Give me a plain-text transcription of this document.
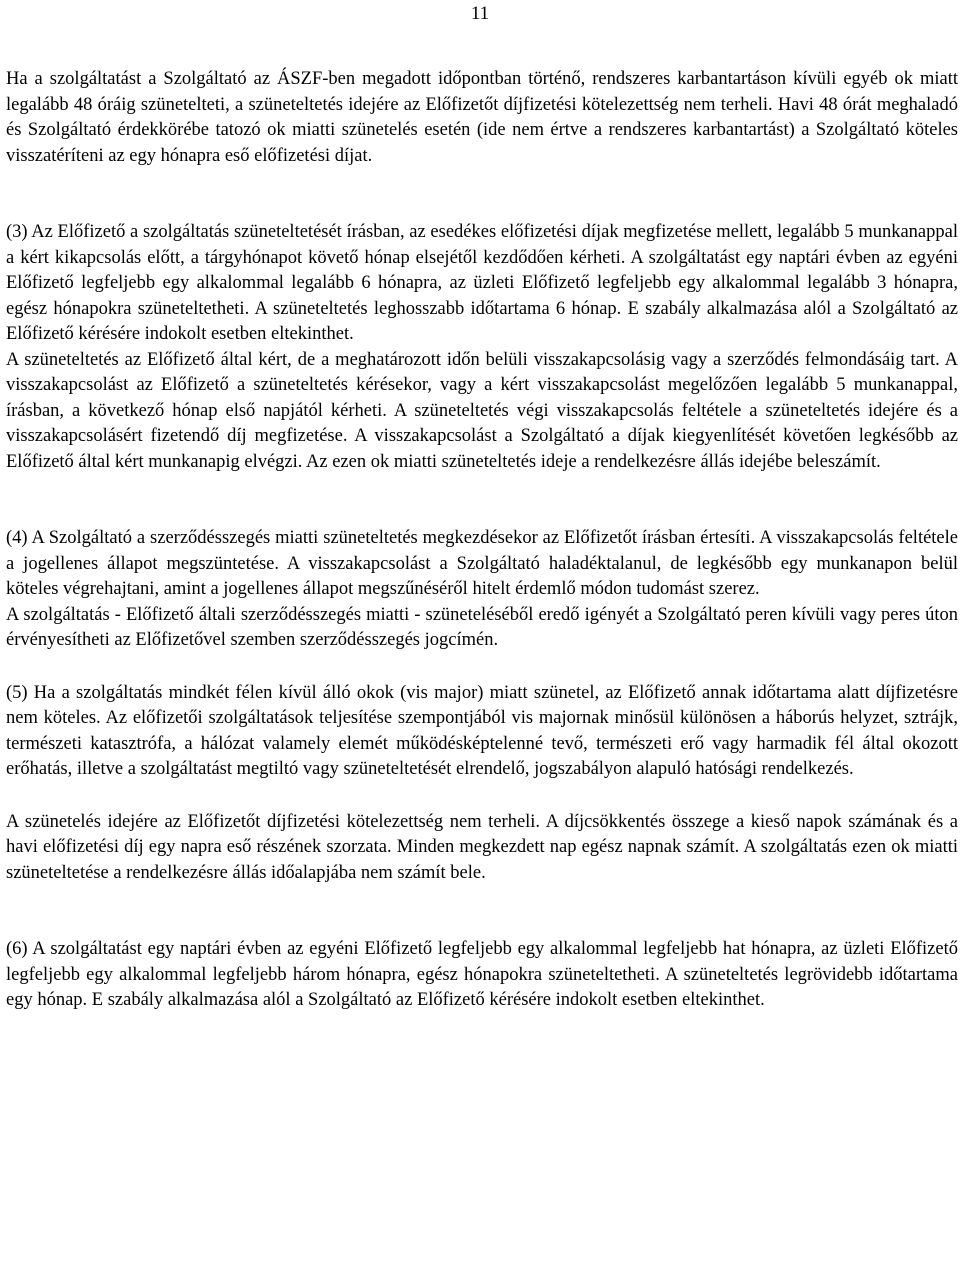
11

Ha a szolgáltatást a Szolgáltató az ÁSZF-ben megadott időpontban történő, rendszeres karbantartáson kívüli egyéb ok miatt legalább 48 óráig szünetelteti, a szüneteltetés idejére az Előfizetőt díjfizetési kötelezettség nem terheli. Havi 48 órát meghaladó és Szolgáltató érdekkörébe tatozó ok miatti szünetelés esetén (ide nem értve a rendszeres karbantartást) a Szolgáltató köteles visszatéríteni az egy hónapra eső előfizetési díjat.

(3) Az Előfizető a szolgáltatás szüneteltetését írásban, az esedékes előfizetési díjak megfizetése mellett, legalább 5 munkanappal a kért kikapcsolás előtt, a tárgyhónapot követő hónap elsejétől kezdődően kérheti. A szolgáltatást egy naptári évben az egyéni Előfizető legfeljebb egy alkalommal legalább 6 hónapra, az üzleti Előfizető legfeljebb egy alkalommal legalább 3 hónapra, egész hónapokra szüneteltetheti. A szüneteltetés leghosszabb időtartama 6 hónap. E szabály alkalmazása alól a Szolgáltató az Előfizető kérésére indokolt esetben eltekinthet.

A szüneteltetés az Előfizető által kért, de a meghatározott időn belüli visszakapcsolásig vagy a szerződés felmondásáig tart. A visszakapcsolást az Előfizető a szüneteltetés kérésekor, vagy a kért visszakapcsolást megelőzően legalább 5 munkanappal, írásban, a következő hónap első napjától kérheti. A szüneteltetés végi visszakapcsolás feltétele a szüneteltetés idejére és a visszakapcsolásért fizetendő díj megfizetése. A visszakapcsolást a Szolgáltató a díjak kiegyenlítését követően legkésőbb az Előfizető által kért munkanapig elvégzi. Az ezen ok miatti szüneteltetés ideje a rendelkezésre állás idejébe beleszámít.

(4) A Szolgáltató a szerződésszegés miatti szüneteltetés megkezdésekor az Előfizetőt írásban értesíti. A visszakapcsolás feltétele a jogellenes állapot megszüntetése. A visszakapcsolást a Szolgáltató haladéktalanul, de legkésőbb egy munkanapon belül köteles végrehajtani, amint a jogellenes állapot megszűnéséről hitelt érdemlő módon tudomást szerez.

A szolgáltatás - Előfizető általi szerződésszegés miatti - szüneteléséből eredő igényét a Szolgáltató peren kívüli vagy peres úton érvényesítheti az Előfizetővel szemben szerződésszegés jogcímén.

(5) Ha a szolgáltatás mindkét félen kívül álló okok (vis major) miatt szünetel, az Előfizető annak időtartama alatt díjfizetésre nem köteles. Az előfizetői szolgáltatások teljesítése szempontjából vis majornak minősül különösen a háborús helyzet, sztrájk, természeti katasztrófa, a hálózat valamely elemét működésképtelenné tevő, természeti erő vagy harmadik fél által okozott erőhatás, illetve a szolgáltatást megtiltó vagy szüneteltetését elrendelő, jogszabályon alapuló hatósági rendelkezés.

A szünetelés idejére az Előfizetőt díjfizetési kötelezettség nem terheli. A díjcsökkentés összege a kieső napok számának és a havi előfizetési díj egy napra eső részének szorzata. Minden megkezdett nap egész napnak számít. A szolgáltatás ezen ok miatti szüneteltetése a rendelkezésre állás időalapjába nem számít bele.

(6) A szolgáltatást egy naptári évben az egyéni Előfizető legfeljebb egy alkalommal legfeljebb hat hónapra, az üzleti Előfizető legfeljebb egy alkalommal legfeljebb három hónapra, egész hónapokra szüneteltetheti. A szüneteltetés legrövidebb időtartama egy hónap. E szabály alkalmazása alól a Szolgáltató az Előfizető kérésére indokolt esetben eltekinthet.
